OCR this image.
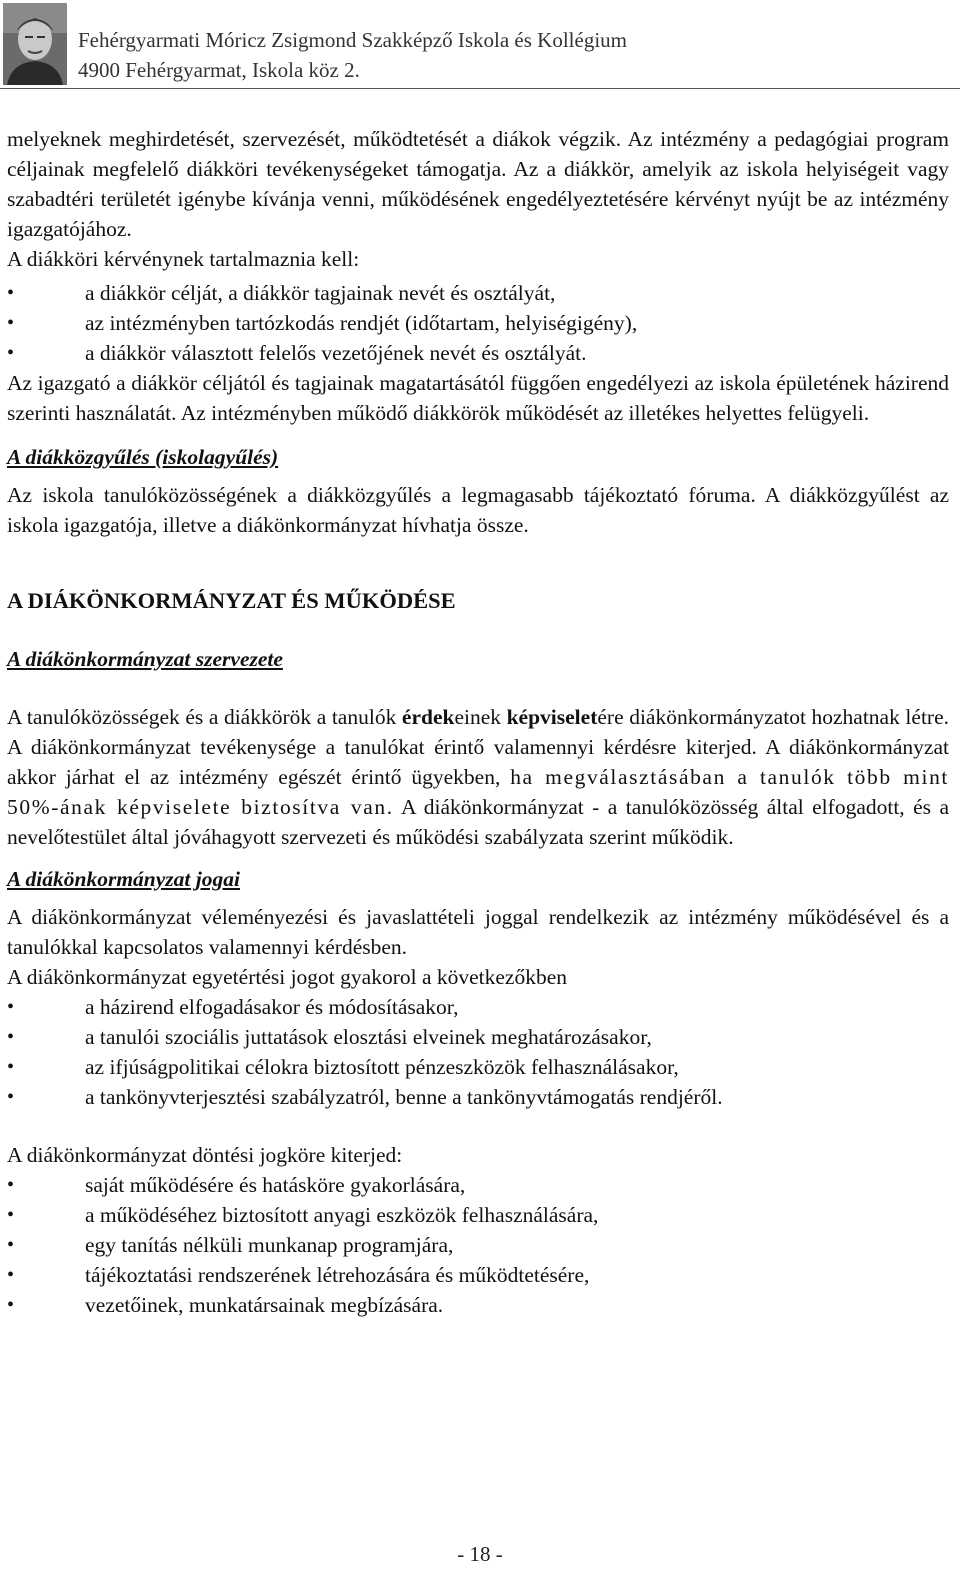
Fehérgyarmati Móricz Zsigmond Szakképző Iskola és Kollégium
4900 Fehérgyarmat, Iskola köz 2.

melyeknek meghirdetését, szervezését, működtetését a diákok végzik. Az intézmény a pedagógiai program céljainak megfelelő diákköri tevékenységeket támogatja. Az a diákkör, amelyik az iskola helyiségeit vagy szabadtéri területét igénybe kívánja venni, működésének engedélyeztetésére kérvényt nyújt be az intézmény igazgatójához.

A diákköri kérvénynek tartalmaznia kell:

• a diákkör célját, a diákkör tagjainak nevét és osztályát,
• az intézményben tartózkodás rendjét (időtartam, helyiségigény),
• a diákkör választott felelős vezetőjének nevét és osztályát.

Az igazgató a diákkör céljától és tagjainak magatartásától függően engedélyezi az iskola épületének házirend szerinti használatát. Az intézményben működő diákkörök működését az illetékes helyettes felügyeli.

A diákközgyűlés (iskolagyűlés)

Az iskola tanulóközösségének a diákközgyűlés a legmagasabb tájékoztató fóruma. A diákközgyűlést az iskola igazgatója, illetve a diákönkormányzat hívhatja össze.

A DIÁKÖNKORMÁNYZAT ÉS MŰKÖDÉSE
A diákönkormányzat szervezete

A tanulóközösségek és a diákkörök a tanulók érdekeinek képviseletére diákönkormányzatot hozhatnak létre. A diákönkormányzat tevékenysége a tanulókat érintő valamennyi kérdésre kiterjed. A diákönkormányzat akkor járhat el az intézmény egészét érintő ügyekben, ha megválasztásában a tanulók több mint 50%-ának képviselete biztosítva van. A diákönkormányzat - a tanulóközösség által elfogadott, és a nevelőtestület által jóváhagyott szervezeti és működési szabályzata szerint működik.

A diákönkormányzat jogai

A diákönkormányzat véleményezési és javaslattételi joggal rendelkezik az intézmény működésével és a tanulókkal kapcsolatos valamennyi kérdésben.

A diákönkormányzat egyetértési jogot gyakorol a következőkben

• a házirend elfogadásakor és módosításakor,
• a tanulói szociális juttatások elosztási elveinek meghatározásakor,
• az ifjúságpolitikai célokra biztosított pénzeszközök felhasználásakor,
• a tankönyvterjesztési szabályzatról, benne a tankönyvtámogatás rendjéről.

A diákönkormányzat döntési jogköre kiterjed:

• saját működésére és hatásköre gyakorlására,
• a működéséhez biztosított anyagi eszközök felhasználására,
• egy tanítás nélküli munkanap programjára,
• tájékoztatási rendszerének létrehozására és működtetésére,
• vezetőinek, munkatársainak megbízására.
- 18 -
